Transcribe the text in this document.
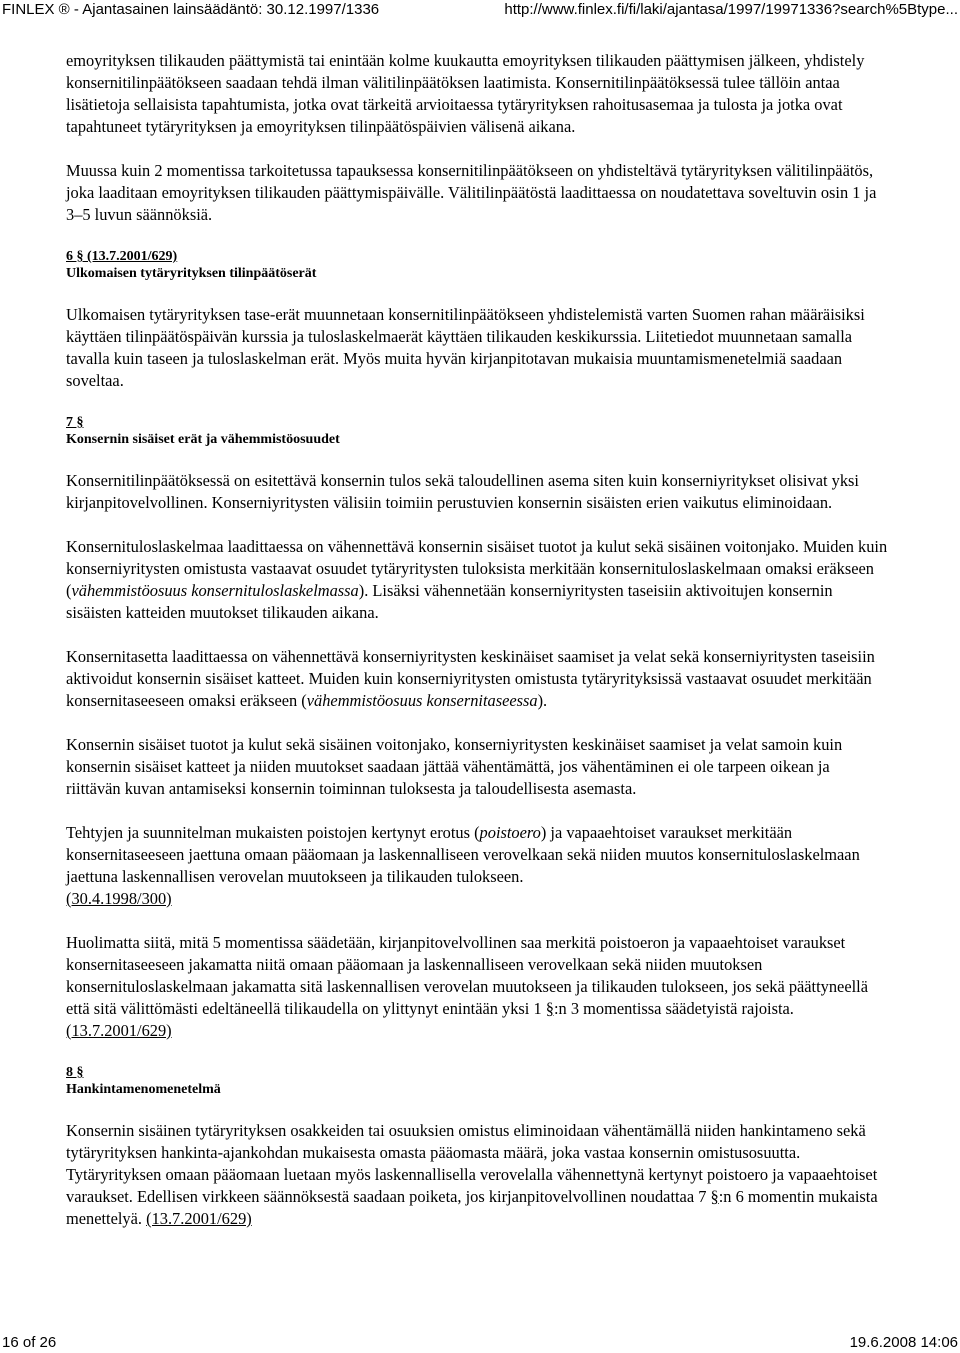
FINLEX ® - Ajantasainen lainsäädäntö: 30.12.1997/1336	http://www.finlex.fi/fi/laki/ajantasa/1997/19971336?search%5Btype...

emoyrityksen tilikauden päättymistä tai enintään kolme kuukautta emoyrityksen tilikauden päättymisen jälkeen, yhdistely konsernitilinpäätökseen saadaan tehdä ilman välitilinpäätöksen laatimista. Konsernitilinpäätöksessä tulee tällöin antaa lisätietoja sellaisista tapahtumista, jotka ovat tärkeitä arvioitaessa tytäryrityksen rahoitusasemaa ja tulosta ja jotka ovat tapahtuneet tytäryrityksen ja emoyrityksen tilinpäätöspäivien välisenä aikana.

Muussa kuin 2 momentissa tarkoitetussa tapauksessa konsernitilinpäätökseen on yhdisteltävä tytäryrityksen välitilinpäätös, joka laaditaan emoyrityksen tilikauden päättymispäivälle. Välitilinpäätöstä laadittaessa on noudatettava soveltuvin osin 1 ja 3–5 luvun säännöksiä.

6 § (13.7.2001/629)
Ulkomaisen tytäryrityksen tilinpäätöserät

Ulkomaisen tytäryrityksen tase-erät muunnetaan konsernitilinpäätökseen yhdistelemistä varten Suomen rahan määräisiksi käyttäen tilinpäätöspäivän kurssia ja tuloslaskelmaerät käyttäen tilikauden keskikurssia. Liitetiedot muunnetaan samalla tavalla kuin taseen ja tuloslaskelman erät. Myös muita hyvän kirjanpitotavan mukaisia muuntamismenetelmiä saadaan soveltaa.

7 §
Konsernin sisäiset erät ja vähemmistöosuudet

Konsernitilinpäätöksessä on esitettävä konsernin tulos sekä taloudellinen asema siten kuin konserniyritykset olisivat yksi kirjanpitovelvollinen. Konserniyritysten välisiin toimiin perustuvien konsernin sisäisten erien vaikutus eliminoidaan.

Konsernituloslaskelmaa laadittaessa on vähennettävä konsernin sisäiset tuotot ja kulut sekä sisäinen voitonjako. Muiden kuin konserniyritysten omistusta vastaavat osuudet tytäryritysten tuloksista merkitään konsernituloslaskelmaan omaksi eräkseen (vähemmistöosuus konsernituloslaskelmassa). Lisäksi vähennetään konserniyritysten taseisiin aktivoitujen konsernin sisäisten katteiden muutokset tilikauden aikana.

Konsernitasetta laadittaessa on vähennettävä konserniyritysten keskinäiset saamiset ja velat sekä konserniyritysten taseisiin aktivoidut konsernin sisäiset katteet. Muiden kuin konserniyritysten omistusta tytäryrityksissä vastaavat osuudet merkitään konsernitaseeseen omaksi eräkseen (vähemmistöosuus konsernitaseessa).

Konsernin sisäiset tuotot ja kulut sekä sisäinen voitonjako, konserniyritysten keskinäiset saamiset ja velat samoin kuin konsernin sisäiset katteet ja niiden muutokset saadaan jättää vähentämättä, jos vähentäminen ei ole tarpeen oikean ja riittävän kuvan antamiseksi konsernin toiminnan tuloksesta ja taloudellisesta asemasta.

Tehtyjen ja suunnitelman mukaisten poistojen kertynyt erotus (poistoero) ja vapaaehtoiset varaukset merkitään konsernitaseeseen jaettuna omaan pääomaan ja laskennalliseen verovelkaan sekä niiden muutos konsernituloslaskelmaan jaettuna laskennallisen verovelan muutokseen ja tilikauden tulokseen.
(30.4.1998/300)

Huolimatta siitä, mitä 5 momentissa säädetään, kirjanpitovelvollinen saa merkitä poistoeron ja vapaaehtoiset varaukset konsernitaseeseen jakamatta niitä omaan pääomaan ja laskennalliseen verovelkaan sekä niiden muutoksen konsernituloslaskelmaan jakamatta sitä laskennallisen verovelan muutokseen ja tilikauden tulokseen, jos sekä päättyneellä että sitä välittömästi edeltäneellä tilikaudella on ylittynyt enintään yksi 1 §:n 3 momentissa säädetyistä rajoista. (13.7.2001/629)

8 §
Hankintamenomenetelmä

Konsernin sisäinen tytäryrityksen osakkeiden tai osuuksien omistus eliminoidaan vähentämällä niiden hankintameno sekä tytäryrityksen hankinta-ajankohdan mukaisesta omasta pääomasta määrä, joka vastaa konsernin omistusosuutta. Tytäryrityksen omaan pääomaan luetaan myös laskennallisella verovelalla vähennettynä kertynyt poistoero ja vapaaehtoiset varaukset. Edellisen virkkeen säännöksestä saadaan poiketa, jos kirjanpitovelvollinen noudattaa 7 §:n 6 momentin mukaista menettelyä. (13.7.2001/629)

16 of 26	19.6.2008 14:06
